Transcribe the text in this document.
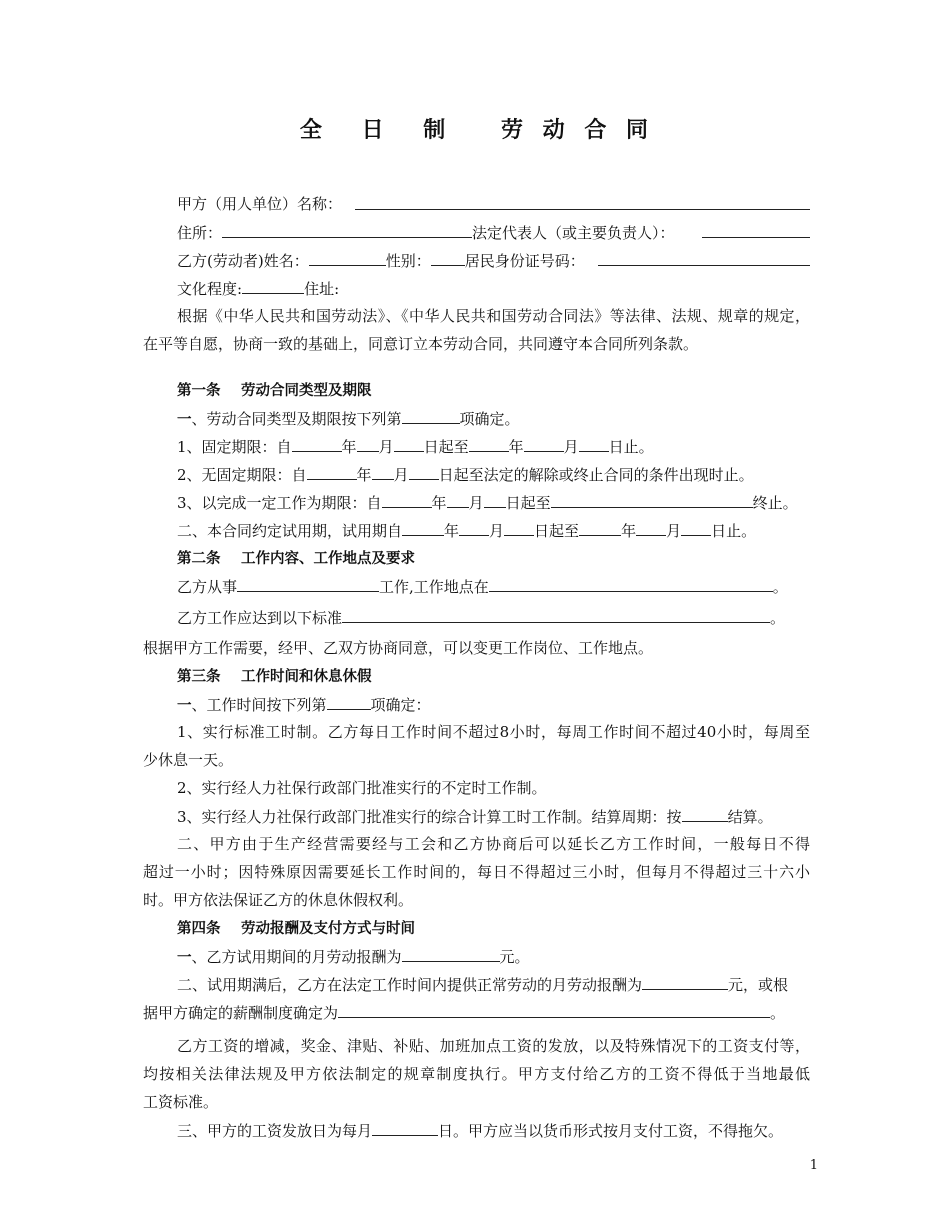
全 日 制 劳 动 合 同
甲方（用人单位）名称：
住所：	法定代表人（或主要负责人）：
乙方(劳动者)姓名：	性别： 居民身份证号码：
文化程度:	住址:
根据《中华人民共和国劳动法》、《中华人民共和国劳动合同法》等法律、法规、规章的规定，
在平等自愿，协商一致的基础上，同意订立本劳动合同，共同遵守本合同所列条款。
第一条 劳动合同类型及期限
一、劳动合同类型及期限按下列第	项确定。
1、固定期限：自	年 月 日起至	年	月 日止。
2、无固定期限：自	年 月 日起至法定的解除或终止合同的条件出现时止。
3、以完成一定工作为期限：自	年 月 日起至	终止。
二、本合同约定试用期，试用期自	年 月 日起至	年 月 日止。
第二条 工作内容、工作地点及要求
乙方从事	工作,工作地点在	。
乙方工作应达到以下标准	。
根据甲方工作需要，经甲、乙双方协商同意，可以变更工作岗位、工作地点。
第三条 工作时间和休息休假
一、工作时间按下列第	项确定：
1、实行标准工时制。乙方每日工作时间不超过8小时，每周工作时间不超过40小时，每周至
少休息一天。
2、实行经人力社保行政部门批准实行的不定时工作制。
3、实行经人力社保行政部门批准实行的综合计算工时工作制。结算周期：按	结算。
二、甲方由于生产经营需要经与工会和乙方协商后可以延长乙方工作时间，一般每日不得
超过一小时；因特殊原因需要延长工作时间的，每日不得超过三小时，但每月不得超过三十六小
时。甲方依法保证乙方的休息休假权利。
第四条 劳动报酬及支付方式与时间
一、乙方试用期间的月劳动报酬为	元。
二、试用期满后，乙方在法定工作时间内提供正常劳动的月劳动报酬为	元，或根
据甲方确定的薪酬制度确定为	。
乙方工资的增减，奖金、津贴、补贴、加班加点工资的发放，以及特殊情况下的工资支付等，
均按相关法律法规及甲方依法制定的规章制度执行。甲方支付给乙方的工资不得低于当地最低
工资标准。
三、甲方的工资发放日为每月	日。甲方应当以货币形式按月支付工资，不得拖欠。
1
